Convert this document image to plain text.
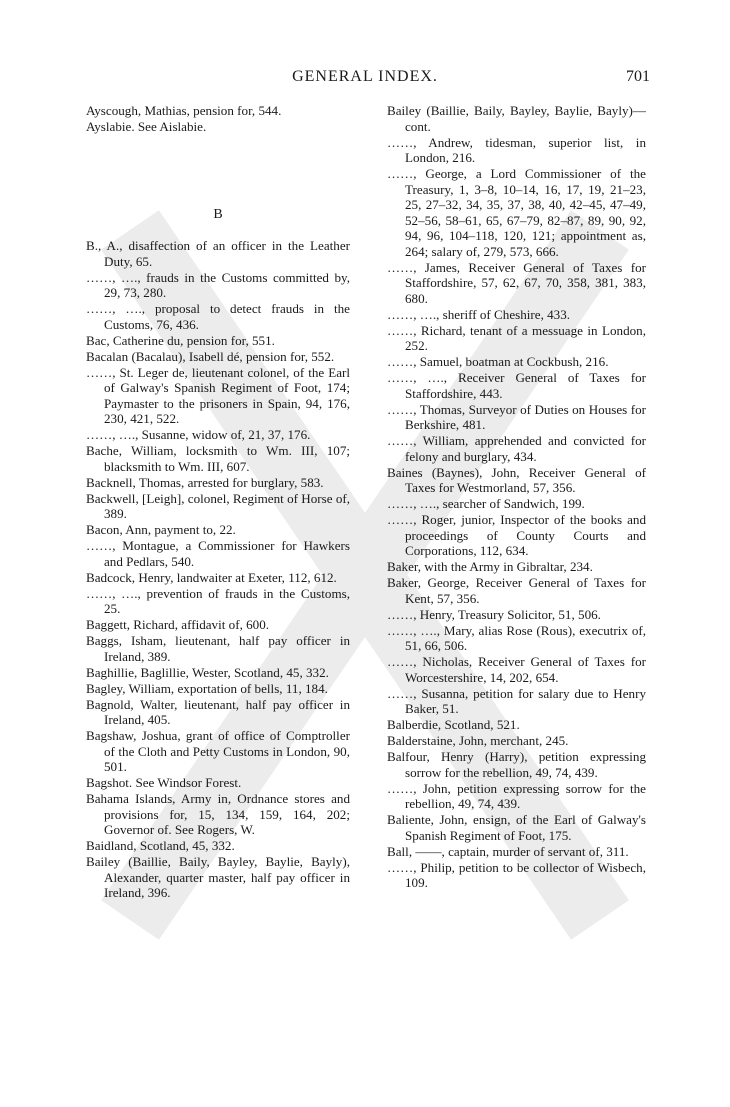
GENERAL INDEX.	701
Ayscough, Mathias, pension for, 544.
Ayslabie. See Aislabie.
B
B., A., disaffection of an officer in the Leather Duty, 65.
……, …., frauds in the Customs committed by, 29, 73, 280.
……, …., proposal to detect frauds in the Customs, 76, 436.
Bac, Catherine du, pension for, 551.
Bacalan (Bacalau), Isabell dé, pension for, 552.
……, St. Leger de, lieutenant colonel, of the Earl of Galway's Spanish Regiment of Foot, 174; Paymaster to the prisoners in Spain, 94, 176, 230, 421, 522.
……, …., Susanne, widow of, 21, 37, 176.
Bache, William, locksmith to Wm. III, 107; blacksmith to Wm. III, 607.
Backnell, Thomas, arrested for burglary, 583.
Backwell, [Leigh], colonel, Regiment of Horse of, 389.
Bacon, Ann, payment to, 22.
……, Montague, a Commissioner for Hawkers and Pedlars, 540.
Badcock, Henry, landwaiter at Exeter, 112, 612.
……, …., prevention of frauds in the Customs, 25.
Baggett, Richard, affidavit of, 600.
Baggs, Isham, lieutenant, half pay officer in Ireland, 389.
Baghillie, Baglillie, Wester, Scotland, 45, 332.
Bagley, William, exportation of bells, 11, 184.
Bagnold, Walter, lieutenant, half pay officer in Ireland, 405.
Bagshaw, Joshua, grant of office of Comptroller of the Cloth and Petty Customs in London, 90, 501.
Bagshot. See Windsor Forest.
Bahama Islands, Army in, Ordnance stores and provisions for, 15, 134, 159, 164, 202; Governor of. See Rogers, W.
Baidland, Scotland, 45, 332.
Bailey (Baillie, Baily, Bayley, Baylie, Bayly), Alexander, quarter master, half pay officer in Ireland, 396.
Bailey (Baillie, Baily, Bayley, Baylie, Bayly)—cont.
……, Andrew, tidesman, superior list, in London, 216.
……, George, a Lord Commissioner of the Treasury, 1, 3–8, 10–14, 16, 17, 19, 21–23, 25, 27–32, 34, 35, 37, 38, 40, 42–45, 47–49, 52–56, 58–61, 65, 67–79, 82–87, 89, 90, 92, 94, 96, 104–118, 120, 121; appointment as, 264; salary of, 279, 573, 666.
……, James, Receiver General of Taxes for Staffordshire, 57, 62, 67, 70, 358, 381, 383, 680.
……, …., sheriff of Cheshire, 433.
……, Richard, tenant of a messuage in London, 252.
……, Samuel, boatman at Cockbush, 216.
……, …., Receiver General of Taxes for Staffordshire, 443.
……, Thomas, Surveyor of Duties on Houses for Berkshire, 481.
……, William, apprehended and convicted for felony and burglary, 434.
Baines (Baynes), John, Receiver General of Taxes for Westmorland, 57, 356.
……, …., searcher of Sandwich, 199.
……, Roger, junior, Inspector of the books and proceedings of County Courts and Corporations, 112, 634.
Baker, with the Army in Gibraltar, 234.
Baker, George, Receiver General of Taxes for Kent, 57, 356.
……, Henry, Treasury Solicitor, 51, 506.
……, …., Mary, alias Rose (Rous), executrix of, 51, 66, 506.
……, Nicholas, Receiver General of Taxes for Worcestershire, 14, 202, 654.
……, Susanna, petition for salary due to Henry Baker, 51.
Balberdie, Scotland, 521.
Balderstaine, John, merchant, 245.
Balfour, Henry (Harry), petition expressing sorrow for the rebellion, 49, 74, 439.
……, John, petition expressing sorrow for the rebellion, 49, 74, 439.
Baliente, John, ensign, of the Earl of Galway's Spanish Regiment of Foot, 175.
Ball, ——, captain, murder of servant of, 311.
……, Philip, petition to be collector of Wisbech, 109.
